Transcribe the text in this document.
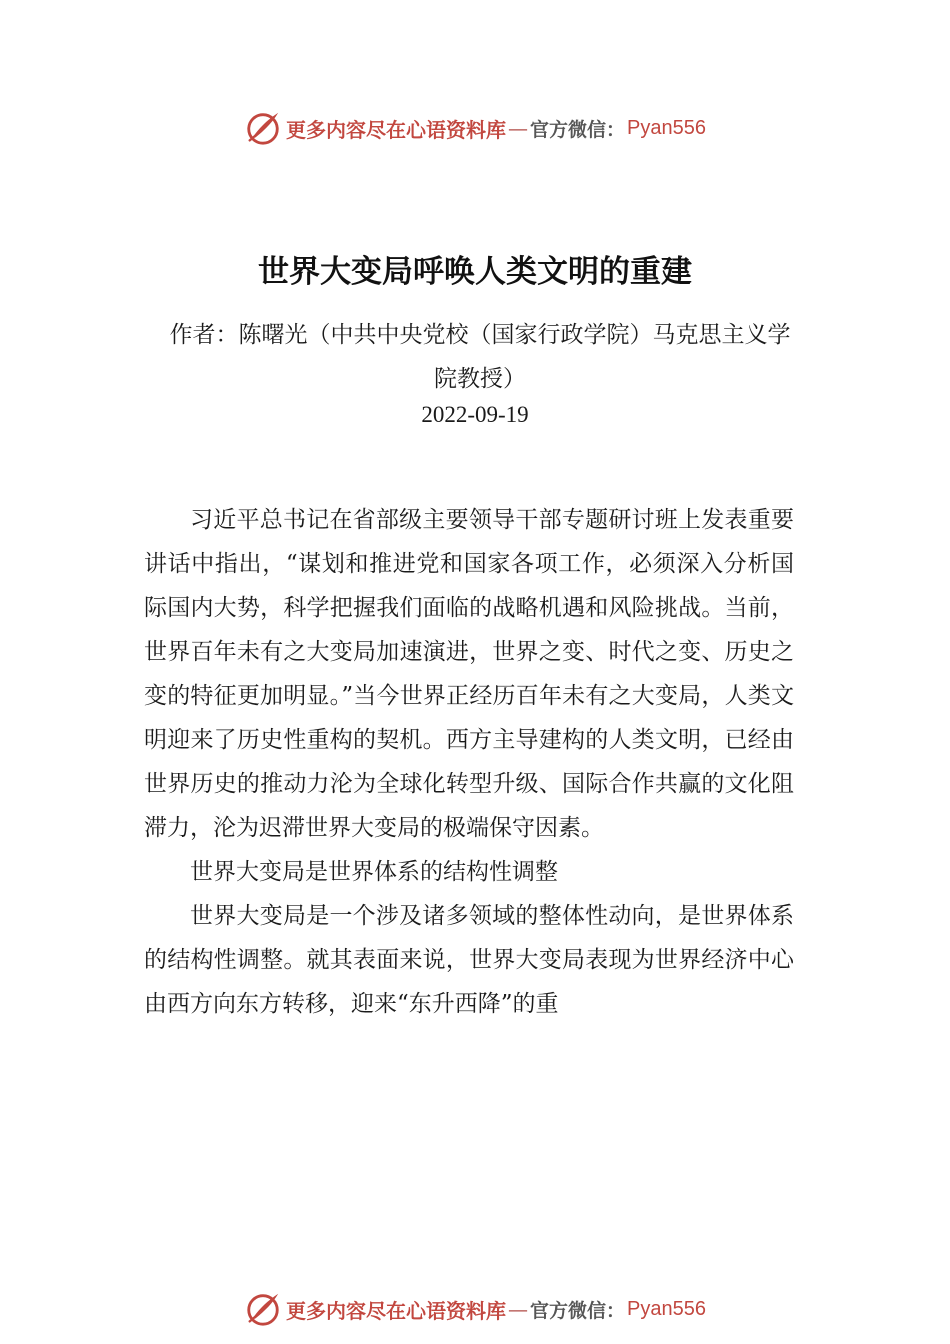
更多内容尽在心语资料库 — 官方微信： Pyan556
世界大变局呼唤人类文明的重建
作者：陈曙光（中共中央党校（国家行政学院）马克思主义学院教授）
2022-09-19

习近平总书记在省部级主要领导干部专题研讨班上发表重要讲话中指出，“谋划和推进党和国家各项工作，必须深入分析国际国内大势，科学把握我们面临的战略机遇和风险挑战。当前，世界百年未有之大变局加速演进，世界之变、时代之变、历史之变的特征更加明显。”当今世界正经历百年未有之大变局，人类文明迎来了历史性重构的契机。西方主导建构的人类文明，已经由世界历史的推动力沦为全球化转型升级、国际合作共赢的文化阻滞力，沦为迟滞世界大变局的极端保守因素。

世界大变局是世界体系的结构性调整

世界大变局是一个涉及诸多领域的整体性动向，是世界体系的结构性调整。就其表面来说，世界大变局表现为世界经济中心由西方向东方转移，迎来“东升西降”的重

更多内容尽在心语资料库 — 官方微信： Pyan556
